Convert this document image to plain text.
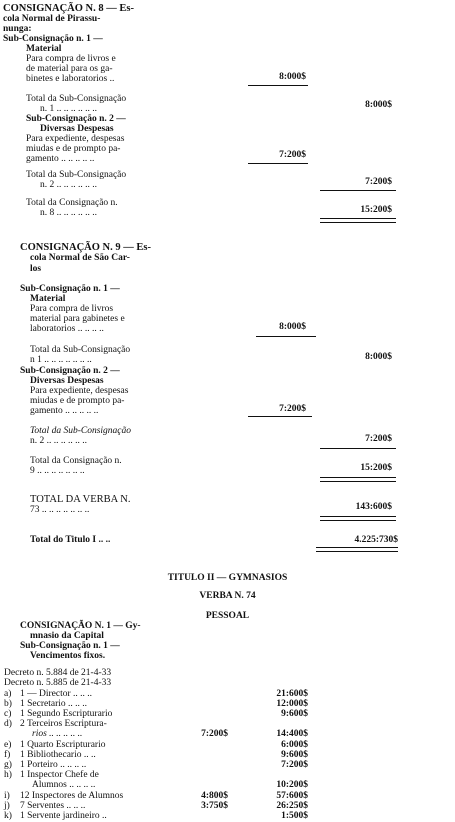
CONSIGNAÇÃO N. 8 — Es-
cola Normal de Pirassu-
nunga:
Sub-Consignação n. 1 —
Material
Para compra de livros e
de material para os ga-
binetes e laboratorios ..	8:000$
Total da Sub-Consignação
n. 1 .. .. .. .. .. ..	8:000$
Sub-Consignação n. 2 —
Diversas Despesas
Para expediente, despesas
miudas e de prompto pa-
gamento .. .. .. .. ..	7:200$
Total da Sub-Consignação
n. 2 .. .. .. .. .. ..	7:200$
Total da Consignação n.
n. 8 .. .. .. .. .. ..	15:200$
CONSIGNAÇÃO N. 9 — Es-
cola Normal de São Car-
los
Sub-Consignação n. 1 —
Material
Para compra de livros
material para gabinetes e
laboratorios .. .. .. ..	8:000$
Total da Sub-Consignação
n 1 .. .. .. .. .. .. ..	8:000$
Sub-Consignação n. 2 —
Diversas Despesas
Para expediente, despesas
miudas e de prompto pa-
gamento .. .. .. .. ..	7:200$
Total da Sub-Consignação
n. 2 .. .. .. .. .. ..	7:200$
Total da Consignação n.
9 .. .. .. .. .. .. ..	15:200$
TOTAL DA VERBA N.
73 .. .. .. .. .. .. ..	143:600$
Total do Titulo I .. ..	4.225:730$
TITULO II — GYMNASIOS
VERBA N. 74
PESSOAL
CONSIGNAÇÃO N. 1 — Gy-
mnasio da Capital
Sub-Consignação n. 1 —
Vencimentos fixos.
Decreto n. 5.884 de 21-4-33
Decreto n. 5.885 de 21-4-33
a) 1 — Director .. .. ..	21:600$
b) 1 Secretario .. .. ..	12:000$
c) 1 Segundo Escripturario	9:600$
d) 2 Terceiros Escriptura-
rios .. .. .. .. ..	7:200$	14:400$
e) 1 Quarto Escripturario	6:000$
f) 1 Bibliothecario .. ..	9:600$
g) 1 Porteiro .. .. .. ..	7:200$
h) 1 Inspector Chefe de
Alumnos .. .. .. ..	10:200$
i) 12 Inspectores de Alumnos	4:800$	57:600$
j) 7 Serventes .. .. ..	3:750$	26:250$
k) 1 Servente jardineiro ..	1:500$
